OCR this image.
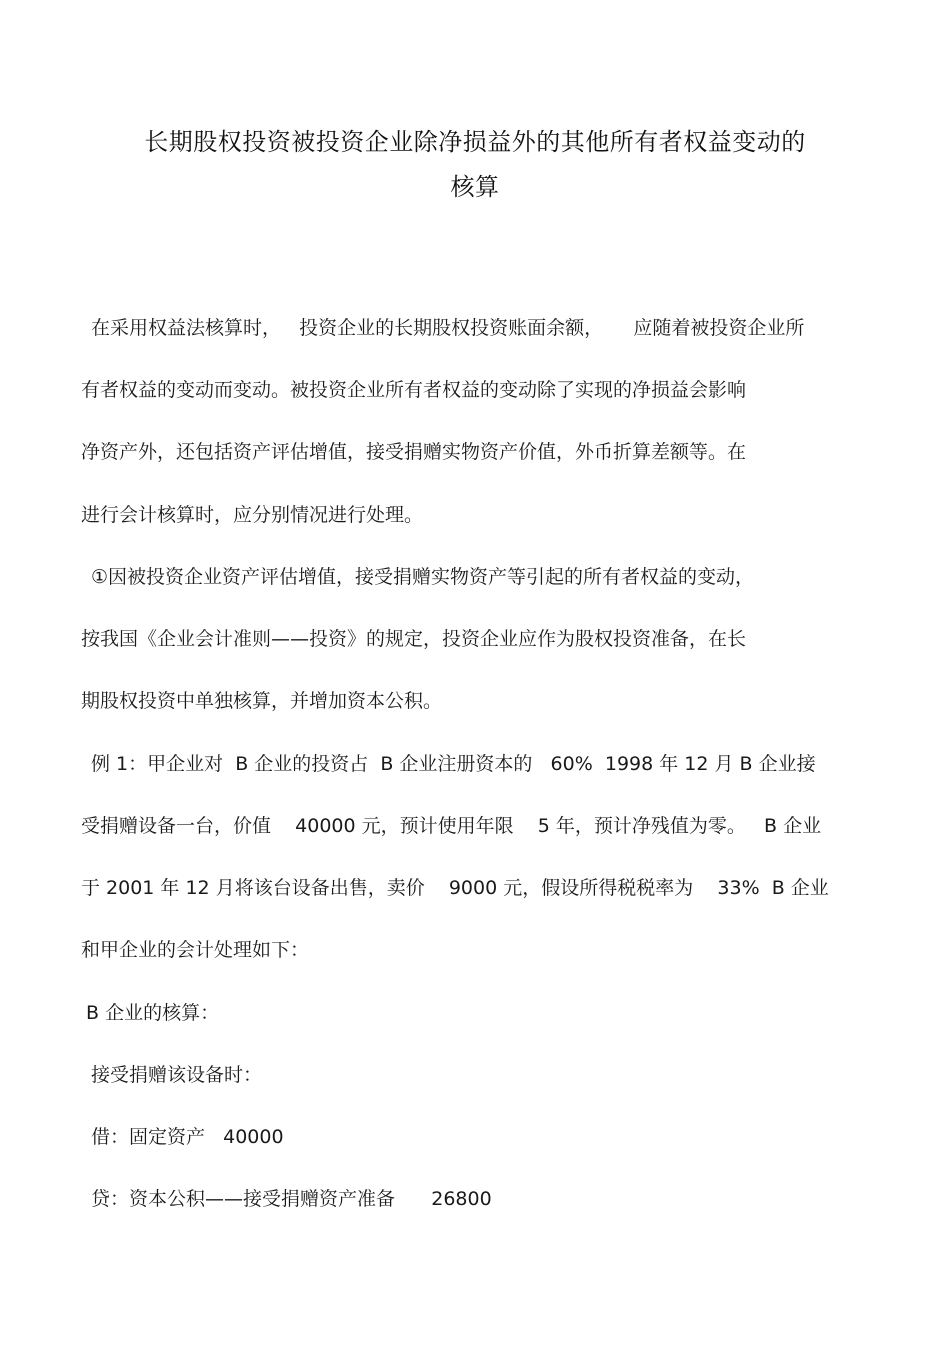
长期股权投资被投资企业除净损益外的其他所有者权益变动的
核算
在采用权益法核算时，   投资企业的长期股权投资账面余额，     应随着被投资企业所
有者权益的变动而变动。被投资企业所有者权益的变动除了实现的净损益会影响
净资产外，还包括资产评估增值，接受捐赠实物资产价值，外币折算差额等。在
进行会计核算时，应分别情况进行处理。
①因被投资企业资产评估增值，接受捐赠实物资产等引起的所有者权益的变动，
按我国《企业会计准则——投资》的规定，投资企业应作为股权投资准备，在长
期股权投资中单独核算，并增加资本公积。
例 1：甲企业对  B 企业的投资占  B 企业注册资本的   60%  1998 年 12 月 B 企业接
受捐赠设备一台，价值    40000 元，预计使用年限    5 年，预计净残值为零。   B 企业
于 2001 年 12 月将该台设备出售，卖价    9000 元，假设所得税税率为    33%  B 企业
和甲企业的会计处理如下：
B 企业的核算：
接受捐赠该设备时：
借：固定资产   40000
贷：资本公积——接受捐赠资产准备      26800
